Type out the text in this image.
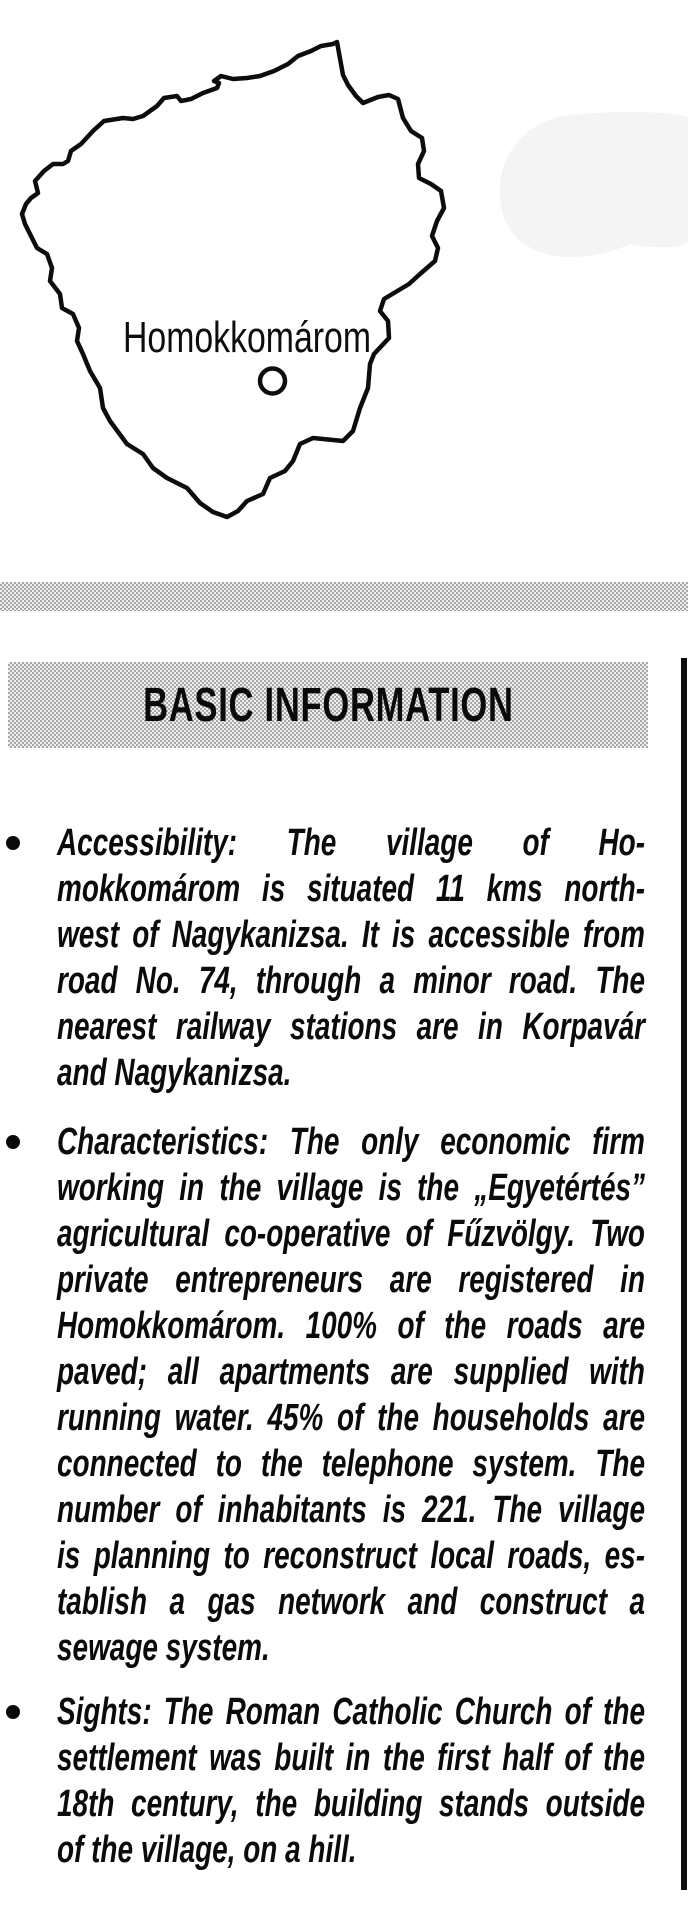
Homokkomárom
BASIC INFORMATION
Accessibility: The village of Ho-
mokkomárom is situated 11 kms north-
west of Nagykanizsa. It is accessible from
road No. 74, through a minor road. The
nearest railway stations are in Korpavár
and Nagykanizsa.
Characteristics: The only economic firm
working in the village is the „Egyetértés”
agricultural co-operative of Fűzvölgy. Two
private entrepreneurs are registered in
Homokkomárom. 100% of the roads are
paved; all apartments are supplied with
running water. 45% of the households are
connected to the telephone system. The
number of inhabitants is 221. The village
is planning to reconstruct local roads, es-
tablish a gas network and construct a
sewage system.
Sights: The Roman Catholic Church of the
settlement was built in the first half of the
18th century, the building stands outside
of the village, on a hill.
